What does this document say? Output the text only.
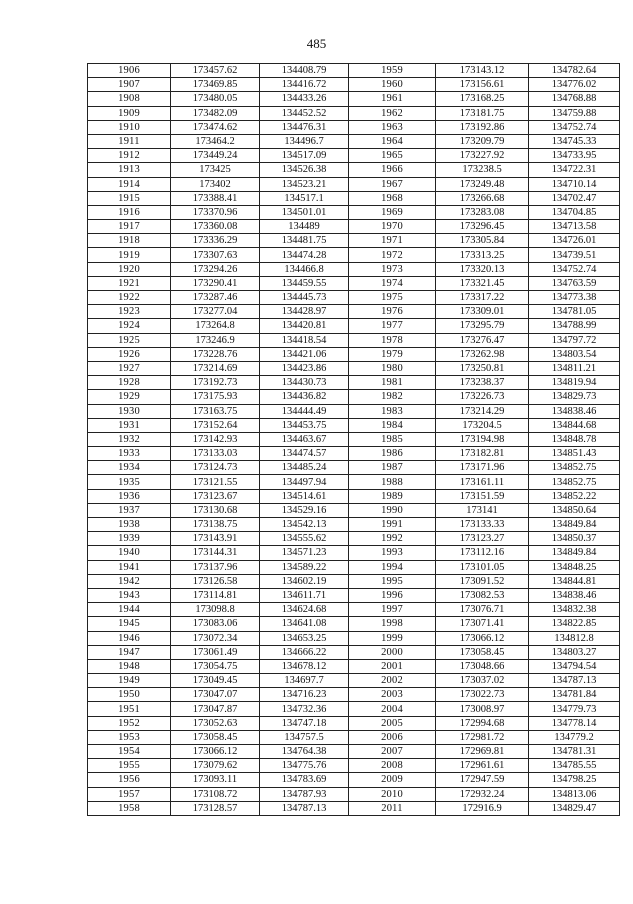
485
1906	173457.62	134408.79	1959	173143.12	134782.64
1907	173469.85	134416.72	1960	173156.61	134776.02
1908	173480.05	134433.26	1961	173168.25	134768.88
1909	173482.09	134452.52	1962	173181.75	134759.88
1910	173474.62	134476.31	1963	173192.86	134752.74
1911	173464.2	134496.7	1964	173209.79	134745.33
1912	173449.24	134517.09	1965	173227.92	134733.95
1913	173425	134526.38	1966	173238.5	134722.31
1914	173402	134523.21	1967	173249.48	134710.14
1915	173388.41	134517.1	1968	173266.68	134702.47
1916	173370.96	134501.01	1969	173283.08	134704.85
1917	173360.08	134489	1970	173296.45	134713.58
1918	173336.29	134481.75	1971	173305.84	134726.01
1919	173307.63	134474.28	1972	173313.25	134739.51
1920	173294.26	134466.8	1973	173320.13	134752.74
1921	173290.41	134459.55	1974	173321.45	134763.59
1922	173287.46	134445.73	1975	173317.22	134773.38
1923	173277.04	134428.97	1976	173309.01	134781.05
1924	173264.8	134420.81	1977	173295.79	134788.99
1925	173246.9	134418.54	1978	173276.47	134797.72
1926	173228.76	134421.06	1979	173262.98	134803.54
1927	173214.69	134423.86	1980	173250.81	134811.21
1928	173192.73	134430.73	1981	173238.37	134819.94
1929	173175.93	134436.82	1982	173226.73	134829.73
1930	173163.75	134444.49	1983	173214.29	134838.46
1931	173152.64	134453.75	1984	173204.5	134844.68
1932	173142.93	134463.67	1985	173194.98	134848.78
1933	173133.03	134474.57	1986	173182.81	134851.43
1934	173124.73	134485.24	1987	173171.96	134852.75
1935	173121.55	134497.94	1988	173161.11	134852.75
1936	173123.67	134514.61	1989	173151.59	134852.22
1937	173130.68	134529.16	1990	173141	134850.64
1938	173138.75	134542.13	1991	173133.33	134849.84
1939	173143.91	134555.62	1992	173123.27	134850.37
1940	173144.31	134571.23	1993	173112.16	134849.84
1941	173137.96	134589.22	1994	173101.05	134848.25
1942	173126.58	134602.19	1995	173091.52	134844.81
1943	173114.81	134611.71	1996	173082.53	134838.46
1944	173098.8	134624.68	1997	173076.71	134832.38
1945	173083.06	134641.08	1998	173071.41	134822.85
1946	173072.34	134653.25	1999	173066.12	134812.8
1947	173061.49	134666.22	2000	173058.45	134803.27
1948	173054.75	134678.12	2001	173048.66	134794.54
1949	173049.45	134697.7	2002	173037.02	134787.13
1950	173047.07	134716.23	2003	173022.73	134781.84
1951	173047.87	134732.36	2004	173008.97	134779.73
1952	173052.63	134747.18	2005	172994.68	134778.14
1953	173058.45	134757.5	2006	172981.72	134779.2
1954	173066.12	134764.38	2007	172969.81	134781.31
1955	173079.62	134775.76	2008	172961.61	134785.55
1956	173093.11	134783.69	2009	172947.59	134798.25
1957	173108.72	134787.93	2010	172932.24	134813.06
1958	173128.57	134787.13	2011	172916.9	134829.47
